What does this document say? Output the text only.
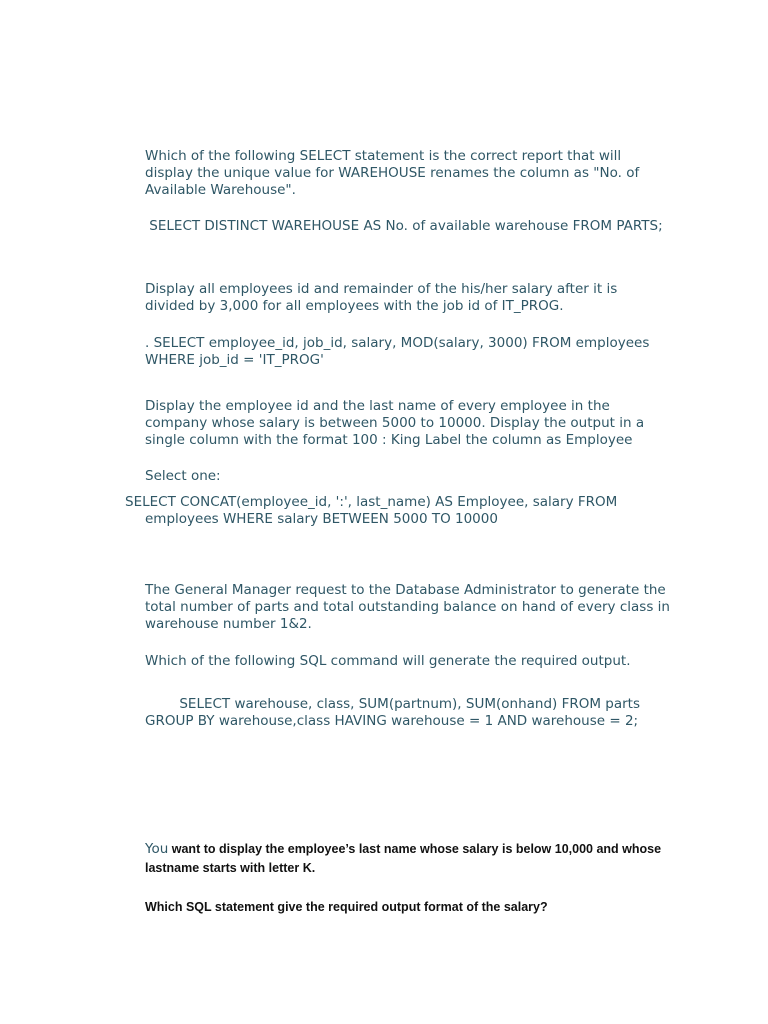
Which of the following SELECT statement is the correct report that will display the unique value for WAREHOUSE renames the column as "No. of Available Warehouse".

SELECT DISTINCT WAREHOUSE AS No. of available warehouse FROM PARTS;

Display all employees id and remainder of the his/her salary after it is divided by 3,000 for all employees with the job id of IT_PROG.

. SELECT employee_id, job_id, salary, MOD(salary, 3000) FROM employees WHERE job_id = 'IT_PROG'

Display the employee id and the last name of every employee in the company whose salary is between 5000 to 10000. Display the output in a single column with the format 100 : King Label the column as Employee

Select one:

SELECT CONCAT(employee_id, ':', last_name) AS Employee, salary FROM employees WHERE salary BETWEEN 5000 TO 10000

The General Manager request to the Database Administrator to generate the total number of parts and total outstanding balance on hand of every class in warehouse number 1&2.

Which of the following SQL command will generate the required output.

SELECT warehouse, class, SUM(partnum), SUM(onhand) FROM parts GROUP BY warehouse,class HAVING warehouse = 1 AND warehouse = 2;

You want to display the employee’s last name whose salary is below 10,000 and whose lastname starts with letter K.

Which SQL statement give the required output format of the salary?
